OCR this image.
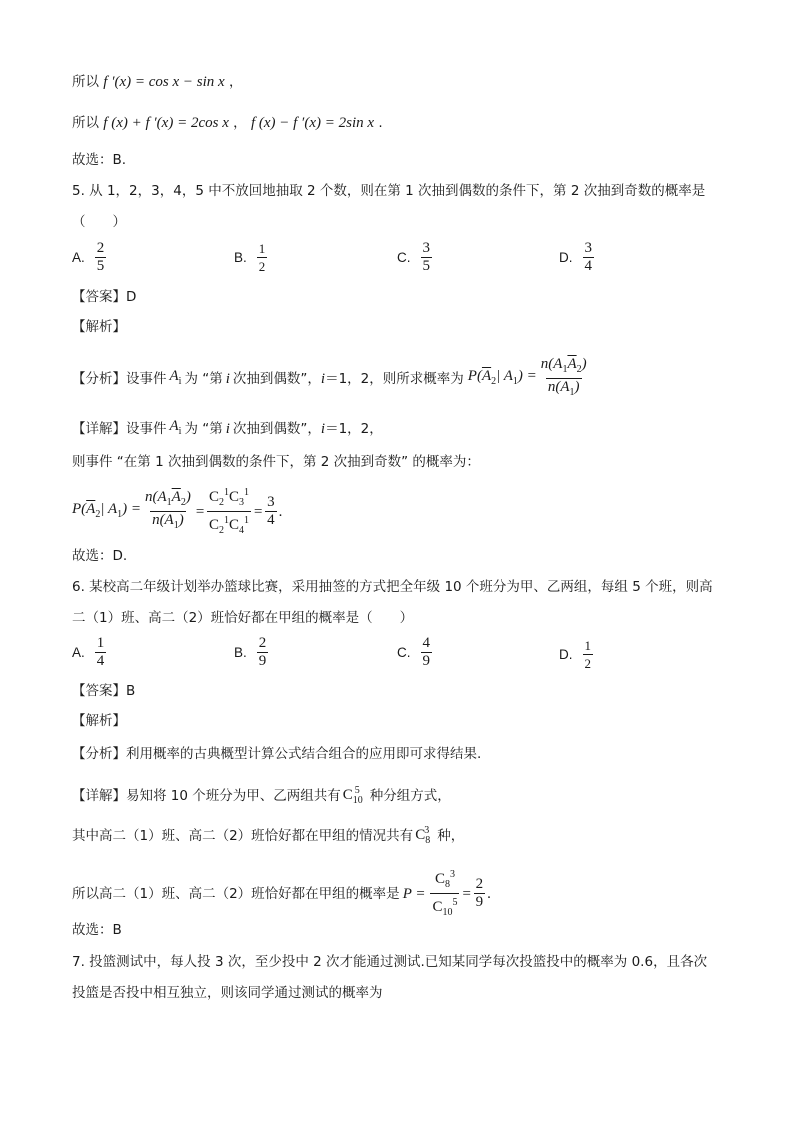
所以 f ′(x) = cos x − sin x ，
所以 f (x) + f ′(x) = 2cos x ， f (x) − f ′(x) = 2sin x .
故选：B.
5. 从 1，2，3，4，5 中不放回地抽取 2 个数，则在第 1 次抽到偶数的条件下，第 2 次抽到奇数的概率是
（　　）
A. $\frac{2}{5}$	B. $\frac{1}{2}$	C. $\frac{3}{5}$	D. $\frac{3}{4}$
【答案】D
【解析】
【分析】 设事件 $A_i$ 为 “第 i 次抽到偶数”， i ＝1，2，则所求概率为 $P(\overline{A}_2|$ $A_1) = \frac{n(A_1\overline{A}_2)}{n(A_1)}$
【详解】 设事件 $A_i$ 为 “第 i 次抽到偶数”， i ＝1，2，
则事件 “在第 1 次抽到偶数的条件下，第 2 次抽到奇数” 的概率为：
$P(\overline{A}_2|$ $A_1) = \frac{n(A_1\overline{A}_2)}{n(A_1)} = \frac{C_2^1C_3^1}{C_2^1C_4^1} = \frac{3}{4}$ .
故选：D.
6. 某校高二年级计划举办篮球比赛，采用抽签的方式把全年级 10 个班分为甲、乙两组，每组 5 个班，则高
二（1）班、高二（2）班恰好都在甲组的概率是（　　）
A. $\frac{1}{4}$	B. $\frac{2}{9}$	C. $\frac{4}{9}$	D. $\frac{1}{2}$
【答案】B
【解析】
【分析】利用概率的古典概型计算公式结合组合的应用即可求得结果.
【详解】 易知将 10 个班分为甲、乙两组共有 $C_{10}^5$ 种分组方式，
其中高二（1）班、高二（2）班恰好都在甲组的情况共有 $C_8^3$ 种，
所以高二（1）班、高二（2）班恰好都在甲组的概率是 $P = \frac{C_8^3}{C_{10}^5} = \frac{2}{9}$ .
故选：B
7. 投篮测试中，每人投 3 次，至少投中 2 次才能通过测试.已知某同学每次投篮投中的概率为 0.6，且各次
投篮是否投中相互独立，则该同学通过测试的概率为
